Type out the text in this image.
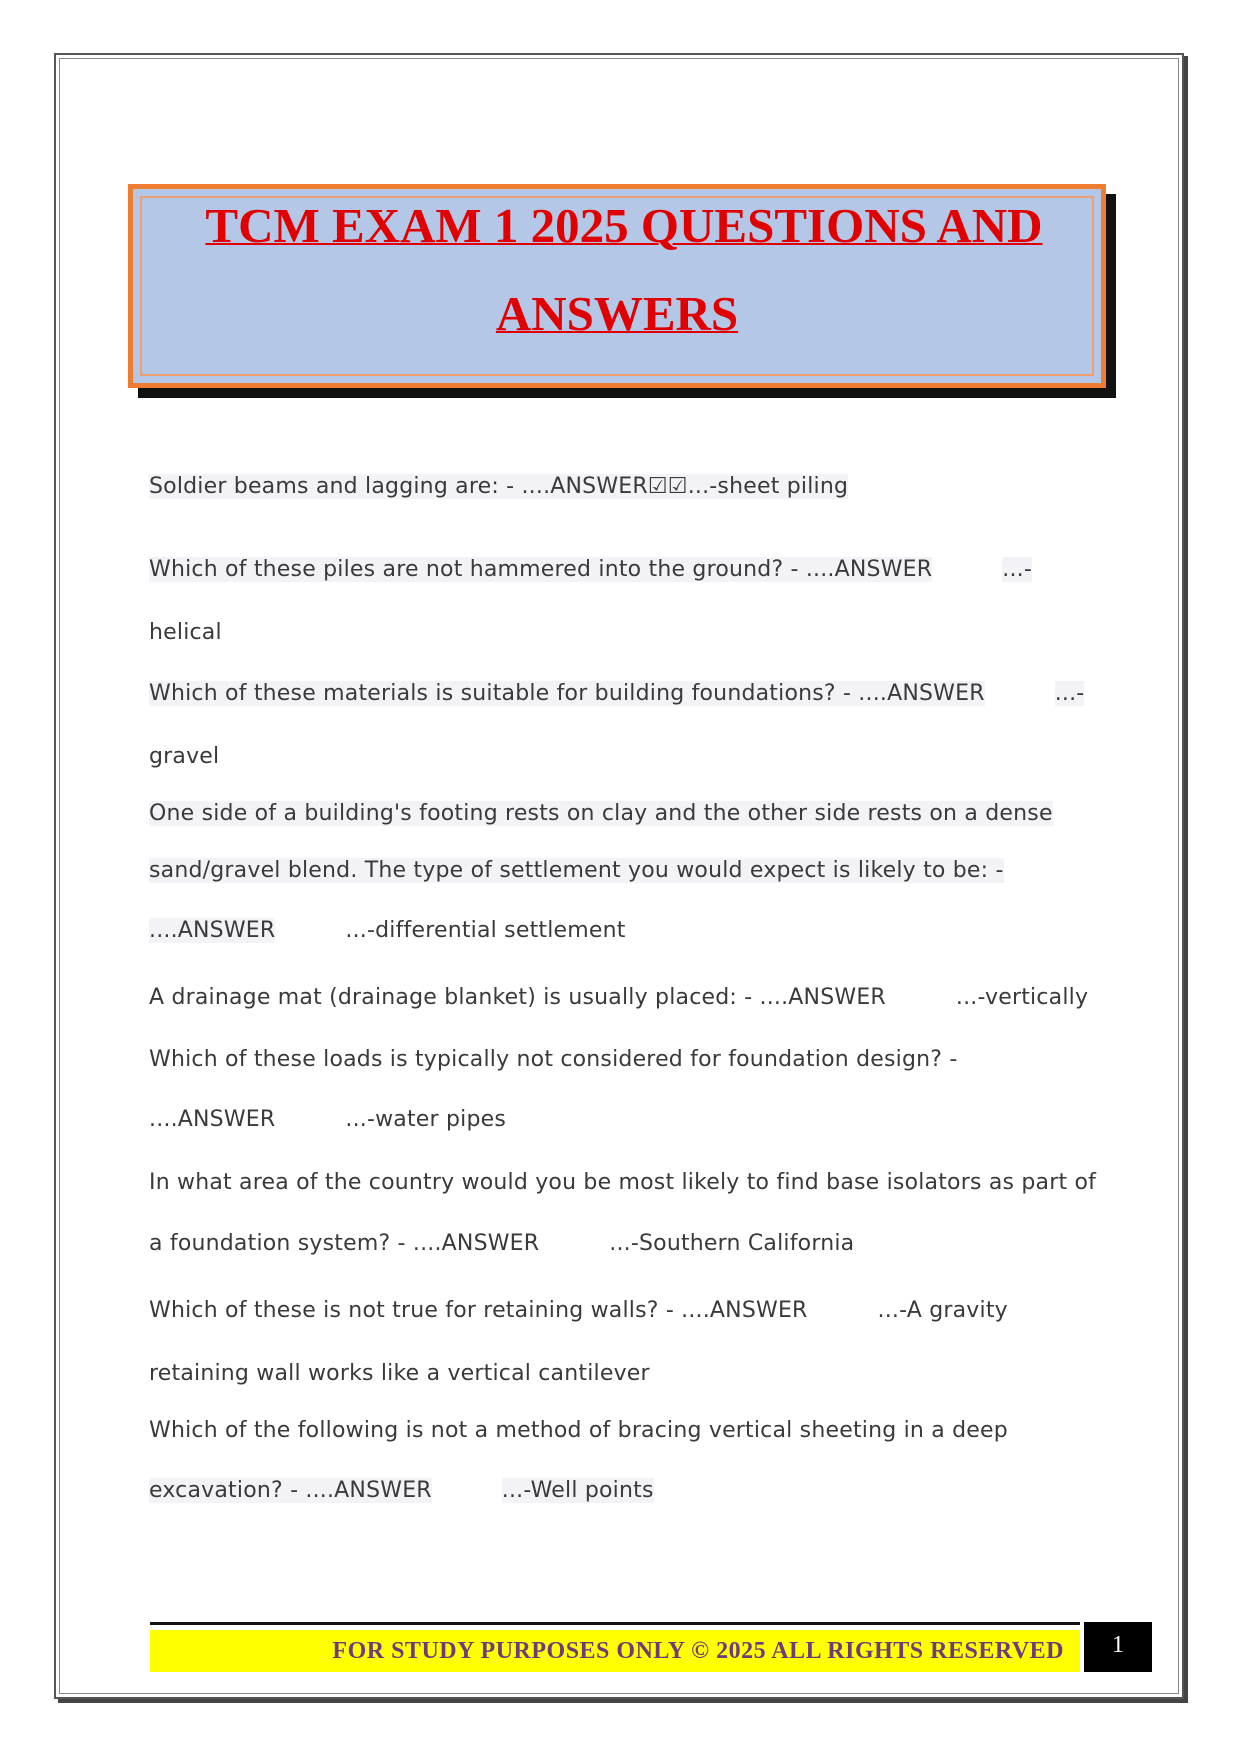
TCM EXAM 1 2025 QUESTIONS AND
ANSWERS
Soldier beams and lagging are: - ....ANSWER☑☑...-sheet piling
Which of these piles are not hammered into the ground? - ....ANSWER	...-
helical
Which of these materials is suitable for building foundations? - ....ANSWER	...-
gravel
One side of a building's footing rests on clay and the other side rests on a dense
sand/gravel blend. The type of settlement you would expect is likely to be: -
....ANSWER	...-differential settlement
A drainage mat (drainage blanket) is usually placed: - ....ANSWER	...-vertically
Which of these loads is typically not considered for foundation design? -
....ANSWER	...-water pipes
In what area of the country would you be most likely to find base isolators as part of
a foundation system? - ....ANSWER	...-Southern California
Which of these is not true for retaining walls? - ....ANSWER	...-A gravity
retaining wall works like a vertical cantilever
Which of the following is not a method of bracing vertical sheeting in a deep
excavation? - ....ANSWER	...-Well points
FOR STUDY PURPOSES ONLY © 2025 ALL RIGHTS RESERVED	1
